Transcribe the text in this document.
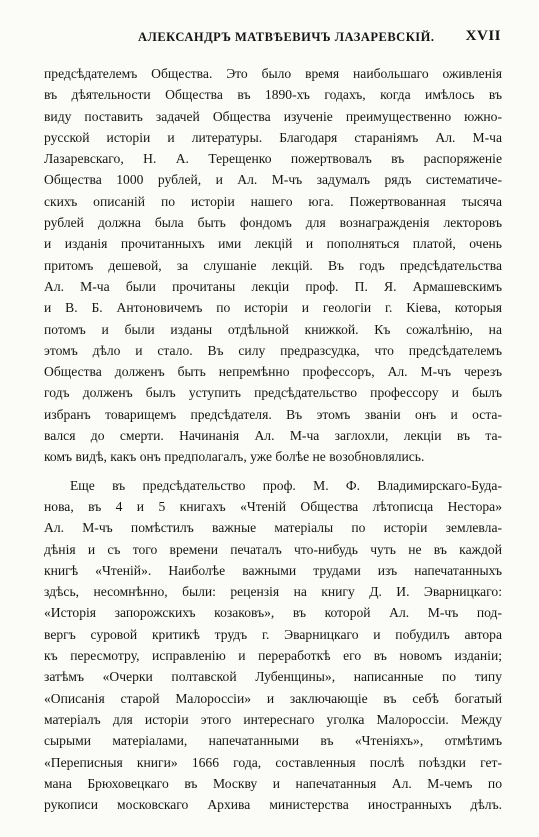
АЛЕКСАНДРЪ МАТВѢЕВИЧЪ ЛАЗАРЕВСКІЙ. XVII
предсѣдателемъ Общества. Это было время наибольшаго оживленія
въ дѣятельности Общества въ 1890-хъ годахъ, когда имѣлось въ
виду поставить задачей Общества изученіе преимущественно южно-
русской исторіи и литературы. Благодаря стараніямъ Ал. М-ча
Лазаревскаго, Н. А. Терещенко пожертвовалъ въ распоряженіе
Общества 1000 рублей, и Ал. М-чъ задумалъ рядъ систематиче-
скихъ описаній по исторіи нашего юга. Пожертвованная тысяча
рублей должна была быть фондомъ для вознагражденія лекторовъ
и изданія прочитанныхъ ими лекцій и пополняться платой, очень
притомъ дешевой, за слушаніе лекцій. Въ годъ предсѣдательства
Ал. М-ча были прочитаны лекціи проф. П. Я. Армашевскимъ
и В. Б. Антоновичемъ по исторіи и геологіи г. Кіева, которыя
потомъ и были изданы отдѣльной книжкой. Къ сожалѣнію, на
этомъ дѣло и стало. Въ силу предразсудка, что предсѣдателемъ
Общества долженъ быть непремѣнно профессоръ, Ал. М-чъ черезъ
годъ долженъ былъ уступить предсѣдательство профессору и былъ
избранъ товарищемъ предсѣдателя. Въ этомъ званіи онъ и оста-
вался до смерти. Начинанія Ал. М-ча заглохли, лекціи въ та-
комъ видѣ, какъ онъ предполагалъ, уже болѣе не возобновлялись.
Еще въ предсѣдательство проф. М. Ф. Владимирскаго-Буда-
нова, въ 4 и 5 книгахъ «Чтеній Общества лѣтописца Нестора»
Ал. М-чъ помѣстилъ важные матеріалы по исторіи землевла-
дѣнія и съ того времени печаталъ что-нибудь чуть не въ каждой
книгѣ «Чтеній». Наиболѣе важными трудами изъ напечатанныхъ
здѣсь, несомнѣнно, были: рецензія на книгу Д. И. Эварницкаго:
«Исторія запорожскихъ козаковъ», въ которой Ал. М-чъ под-
вергъ суровой критикѣ трудъ г. Эварницкаго и побудилъ автора
къ пересмотру, исправленію и переработкѣ его въ новомъ изданіи;
затѣмъ «Очерки полтавской Лубенщины», написанные по типу
«Описанія старой Малороссіи» и заключающіе въ себѣ богатый
матеріалъ для исторіи этого интереснаго уголка Малороссіи. Между
сырыми матеріалами, напечатанными въ «Чтеніяхъ», отмѣтимъ
«Переписныя книги» 1666 года, составленныя послѣ поѣздки гет-
мана Брюховецкаго въ Москву и напечатанныя Ал. М-чемъ по
рукописи московскаго Архива министерства иностранныхъ дѣлъ.
